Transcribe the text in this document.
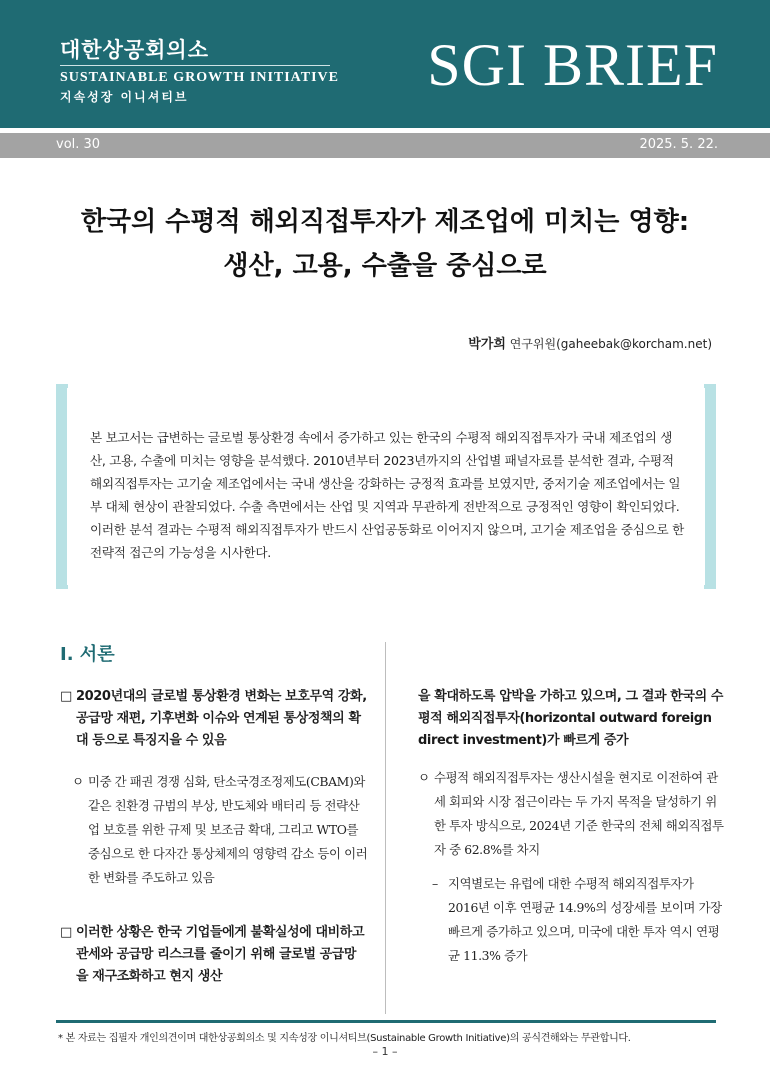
대한상공회의소
SUSTAINABLE GROWTH INITIATIVE
지속성장 이니셔티브	SGI BRIEF
vol. 30	2025. 5. 22.
한국의 수평적 해외직접투자가 제조업에 미치는 영향:
생산, 고용, 수출을 중심으로
박가희 연구위원(gaheebak@korcham.net)
본 보고서는 급변하는 글로벌 통상환경 속에서 증가하고 있는 한국의 수평적 해외직접투자가 국내 제조업의 생산, 고용, 수출에 미치는 영향을 분석했다. 2010년부터 2023년까지의 산업별 패널자료를 분석한 결과, 수평적 해외직접투자는 고기술 제조업에서는 국내 생산을 강화하는 긍정적 효과를 보였지만, 중저기술 제조업에서는 일부 대체 현상이 관찰되었다. 수출 측면에서는 산업 및 지역과 무관하게 전반적으로 긍정적인 영향이 확인되었다. 이러한 분석 결과는 수평적 해외직접투자가 반드시 산업공동화로 이어지지 않으며, 고기술 제조업을 중심으로 한 전략적 접근의 가능성을 시사한다.
Ⅰ. 서론

□ 2020년대의 글로벌 통상환경 변화는 보호무역 강화, 공급망 재편, 기후변화 이슈와 연계된 통상정책의 확대 등으로 특징지을 수 있음

ㅇ 미중 간 패권 경쟁 심화, 탄소국경조정제도(CBAM)와 같은 친환경 규범의 부상, 반도체와 배터리 등 전략산업 보호를 위한 규제 및 보조금 확대, 그리고 WTO를 중심으로 한 다자간 통상체제의 영향력 감소 등이 이러한 변화를 주도하고 있음

□ 이러한 상황은 한국 기업들에게 불확실성에 대비하고 관세와 공급망 리스크를 줄이기 위해 글로벌 공급망을 재구조화하고 현지 생산

을 확대하도록 압박을 가하고 있으며, 그 결과 한국의 수평적 해외직접투자(horizontal outward foreign direct investment)가 빠르게 증가

ㅇ 수평적 해외직접투자는 생산시설을 현지로 이전하여 관세 회피와 시장 접근이라는 두 가지 목적을 달성하기 위한 투자 방식으로, 2024년 기준 한국의 전체 해외직접투자 중 62.8%를 차지

– 지역별로는 유럽에 대한 수평적 해외직접투자가 2016년 이후 연평균 14.9%의 성장세를 보이며 가장 빠르게 증가하고 있으며, 미국에 대한 투자 역시 연평균 11.3% 증가

* 본 자료는 집필자 개인의견이며 대한상공회의소 및 지속성장 이니셔티브(Sustainable Growth Initiative)의 공식견해와는 무관합니다.
– 1 –
